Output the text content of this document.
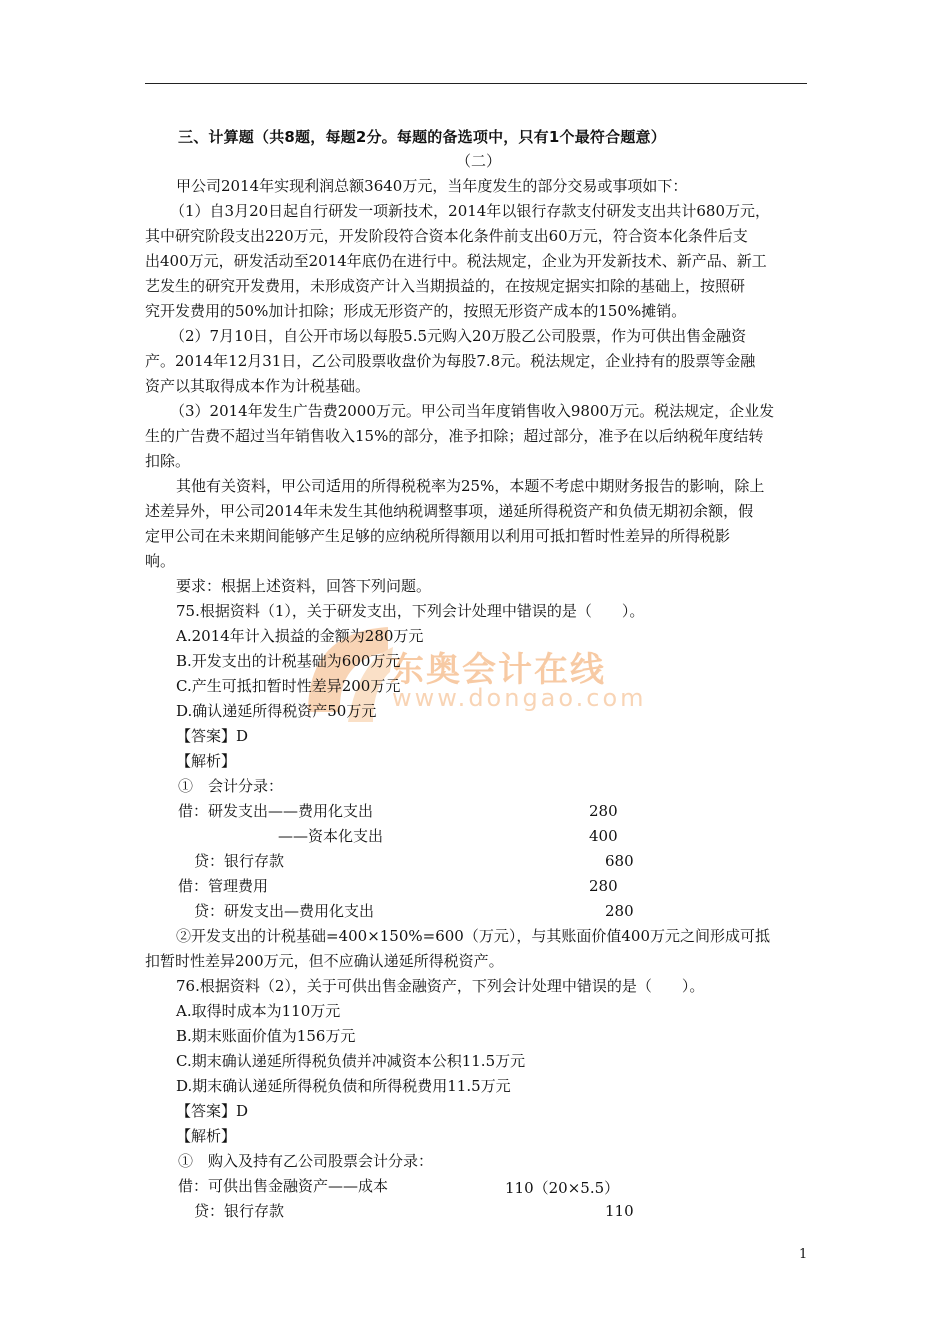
东奥会计在线
www.dongao.com
三、计算题（共8题，每题2分。每题的备选项中，只有1个最符合题意）
（二）
甲公司2014年实现利润总额3640万元，当年度发生的部分交易或事项如下：
（1）自3月20日起自行研发一项新技术，2014年以银行存款支付研发支出共计680万元，
其中研究阶段支出220万元，开发阶段符合资本化条件前支出60万元，符合资本化条件后支
出400万元，研发活动至2014年底仍在进行中。税法规定，企业为开发新技术、新产品、新工
艺发生的研究开发费用，未形成资产计入当期损益的，在按规定据实扣除的基础上，按照研
究开发费用的50%加计扣除；形成无形资产的，按照无形资产成本的150%摊销。
（2）7月10日，自公开市场以每股5.5元购入20万股乙公司股票，作为可供出售金融资
产。2014年12月31日，乙公司股票收盘价为每股7.8元。税法规定，企业持有的股票等金融
资产以其取得成本作为计税基础。
（3）2014年发生广告费2000万元。甲公司当年度销售收入9800万元。税法规定，企业发
生的广告费不超过当年销售收入15%的部分，准予扣除；超过部分，准予在以后纳税年度结转
扣除。
其他有关资料，甲公司适用的所得税税率为25%，本题不考虑中期财务报告的影响，除上
述差异外，甲公司2014年未发生其他纳税调整事项，递延所得税资产和负债无期初余额，假
定甲公司在未来期间能够产生足够的应纳税所得额用以利用可抵扣暂时性差异的所得税影
响。
要求：根据上述资料，回答下列问题。
75.根据资料（1），关于研发支出，下列会计处理中错误的是（　　）。
A.2014年计入损益的金额为280万元
B.开发支出的计税基础为600万元
C.产生可抵扣暂时性差异200万元
D.确认递延所得税资产50万元
【答案】D
【解析】
①　会计分录：
借：研发支出——费用化支出
——资本化支出
贷：银行存款
借：管理费用
贷：研发支出—费用化支出
②开发支出的计税基础=400×150%=600（万元），与其账面价值400万元之间形成可抵
扣暂时性差异200万元，但不应确认递延所得税资产。
76.根据资料（2），关于可供出售金融资产，下列会计处理中错误的是（　　）。
A.取得时成本为110万元
B.期末账面价值为156万元
C.期末确认递延所得税负债并冲减资本公积11.5万元
D.期末确认递延所得税负债和所得税费用11.5万元
【答案】D
【解析】
①　购入及持有乙公司股票会计分录：
借：可供出售金融资产——成本
贷：银行存款
280
400
680
280
280
110（20×5.5）
110
1
